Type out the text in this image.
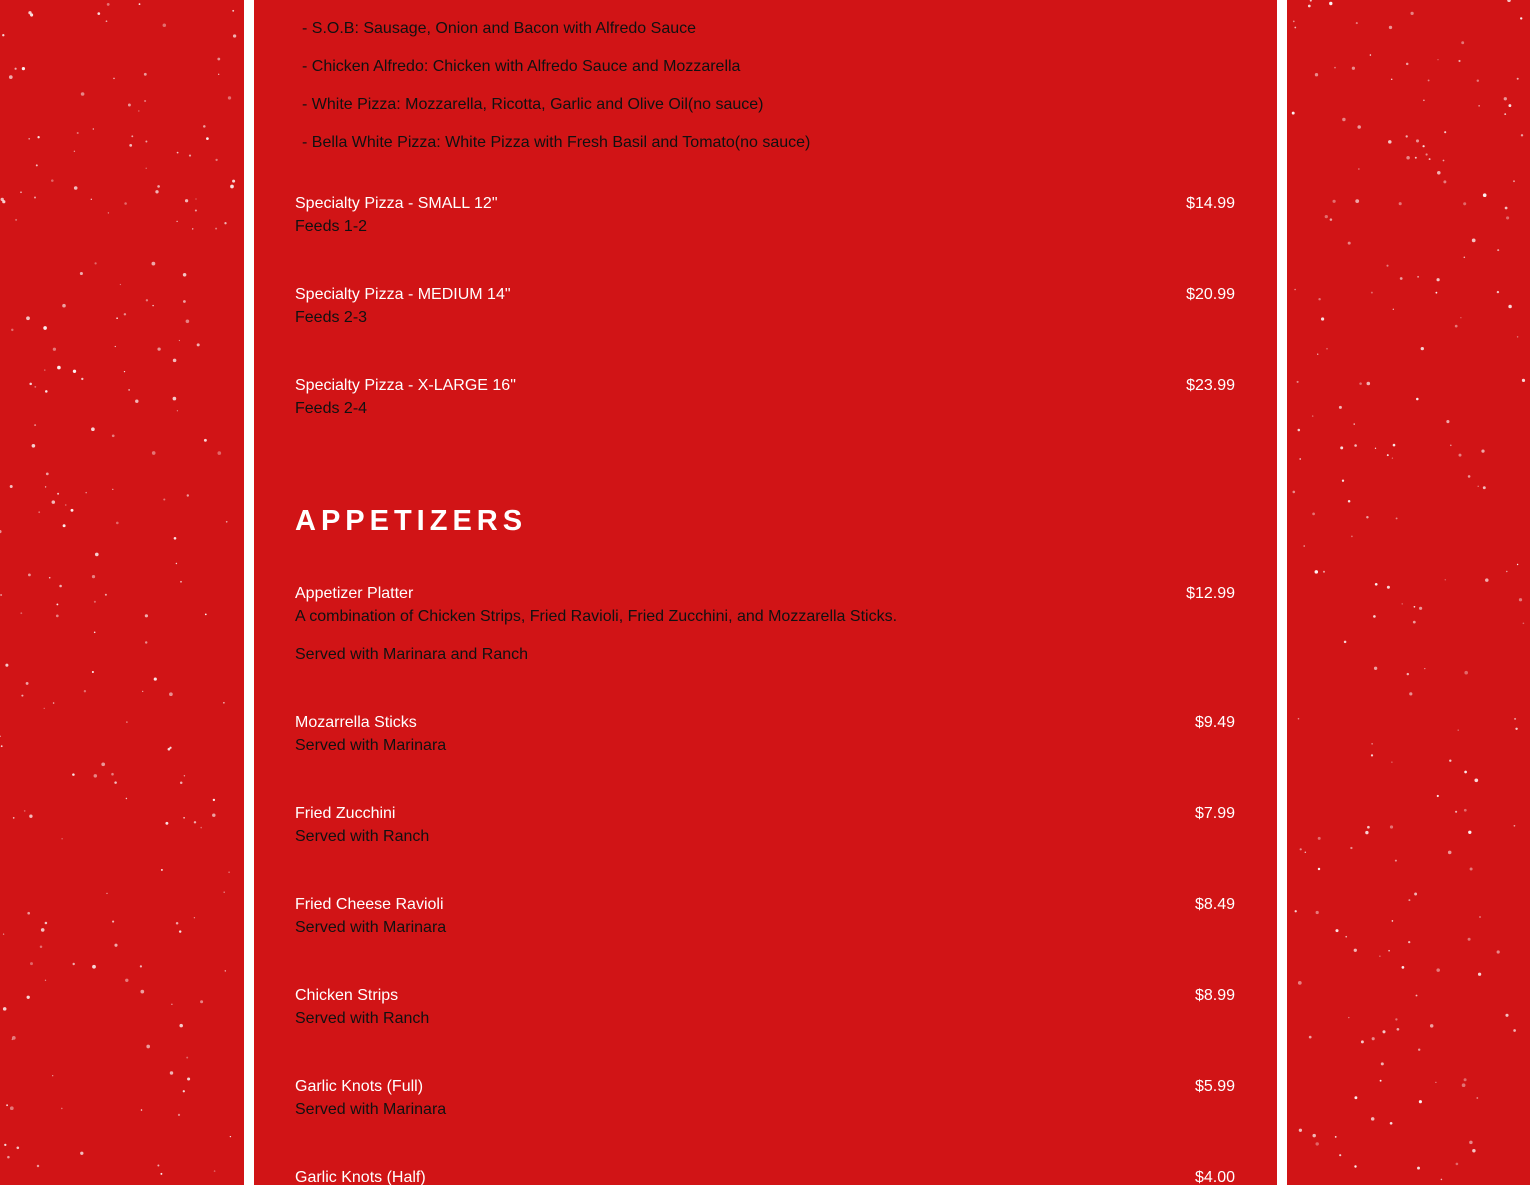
- S.O.B: Sausage, Onion and Bacon with Alfredo Sauce
- Chicken Alfredo: Chicken with Alfredo Sauce and Mozzarella
- White Pizza: Mozzarella, Ricotta, Garlic and Olive Oil(no sauce)
- Bella White Pizza: White Pizza with Fresh Basil and Tomato(no sauce)
Specialty Pizza - SMALL 12"
Feeds 1-2
$14.99
Specialty Pizza - MEDIUM 14"
Feeds 2-3
$20.99
Specialty Pizza - X-LARGE 16"
Feeds 2-4
$23.99
APPETIZERS
Appetizer Platter
A combination of Chicken Strips, Fried Ravioli, Fried Zucchini, and Mozzarella Sticks.
Served with Marinara and Ranch
$12.99
Mozarrella Sticks
Served with Marinara
$9.49
Fried Zucchini
Served with Ranch
$7.99
Fried Cheese Ravioli
Served with Marinara
$8.49
Chicken Strips
Served with Ranch
$8.99
Garlic Knots (Full)
Served with Marinara
$5.99
Garlic Knots (Half)	$4.00
